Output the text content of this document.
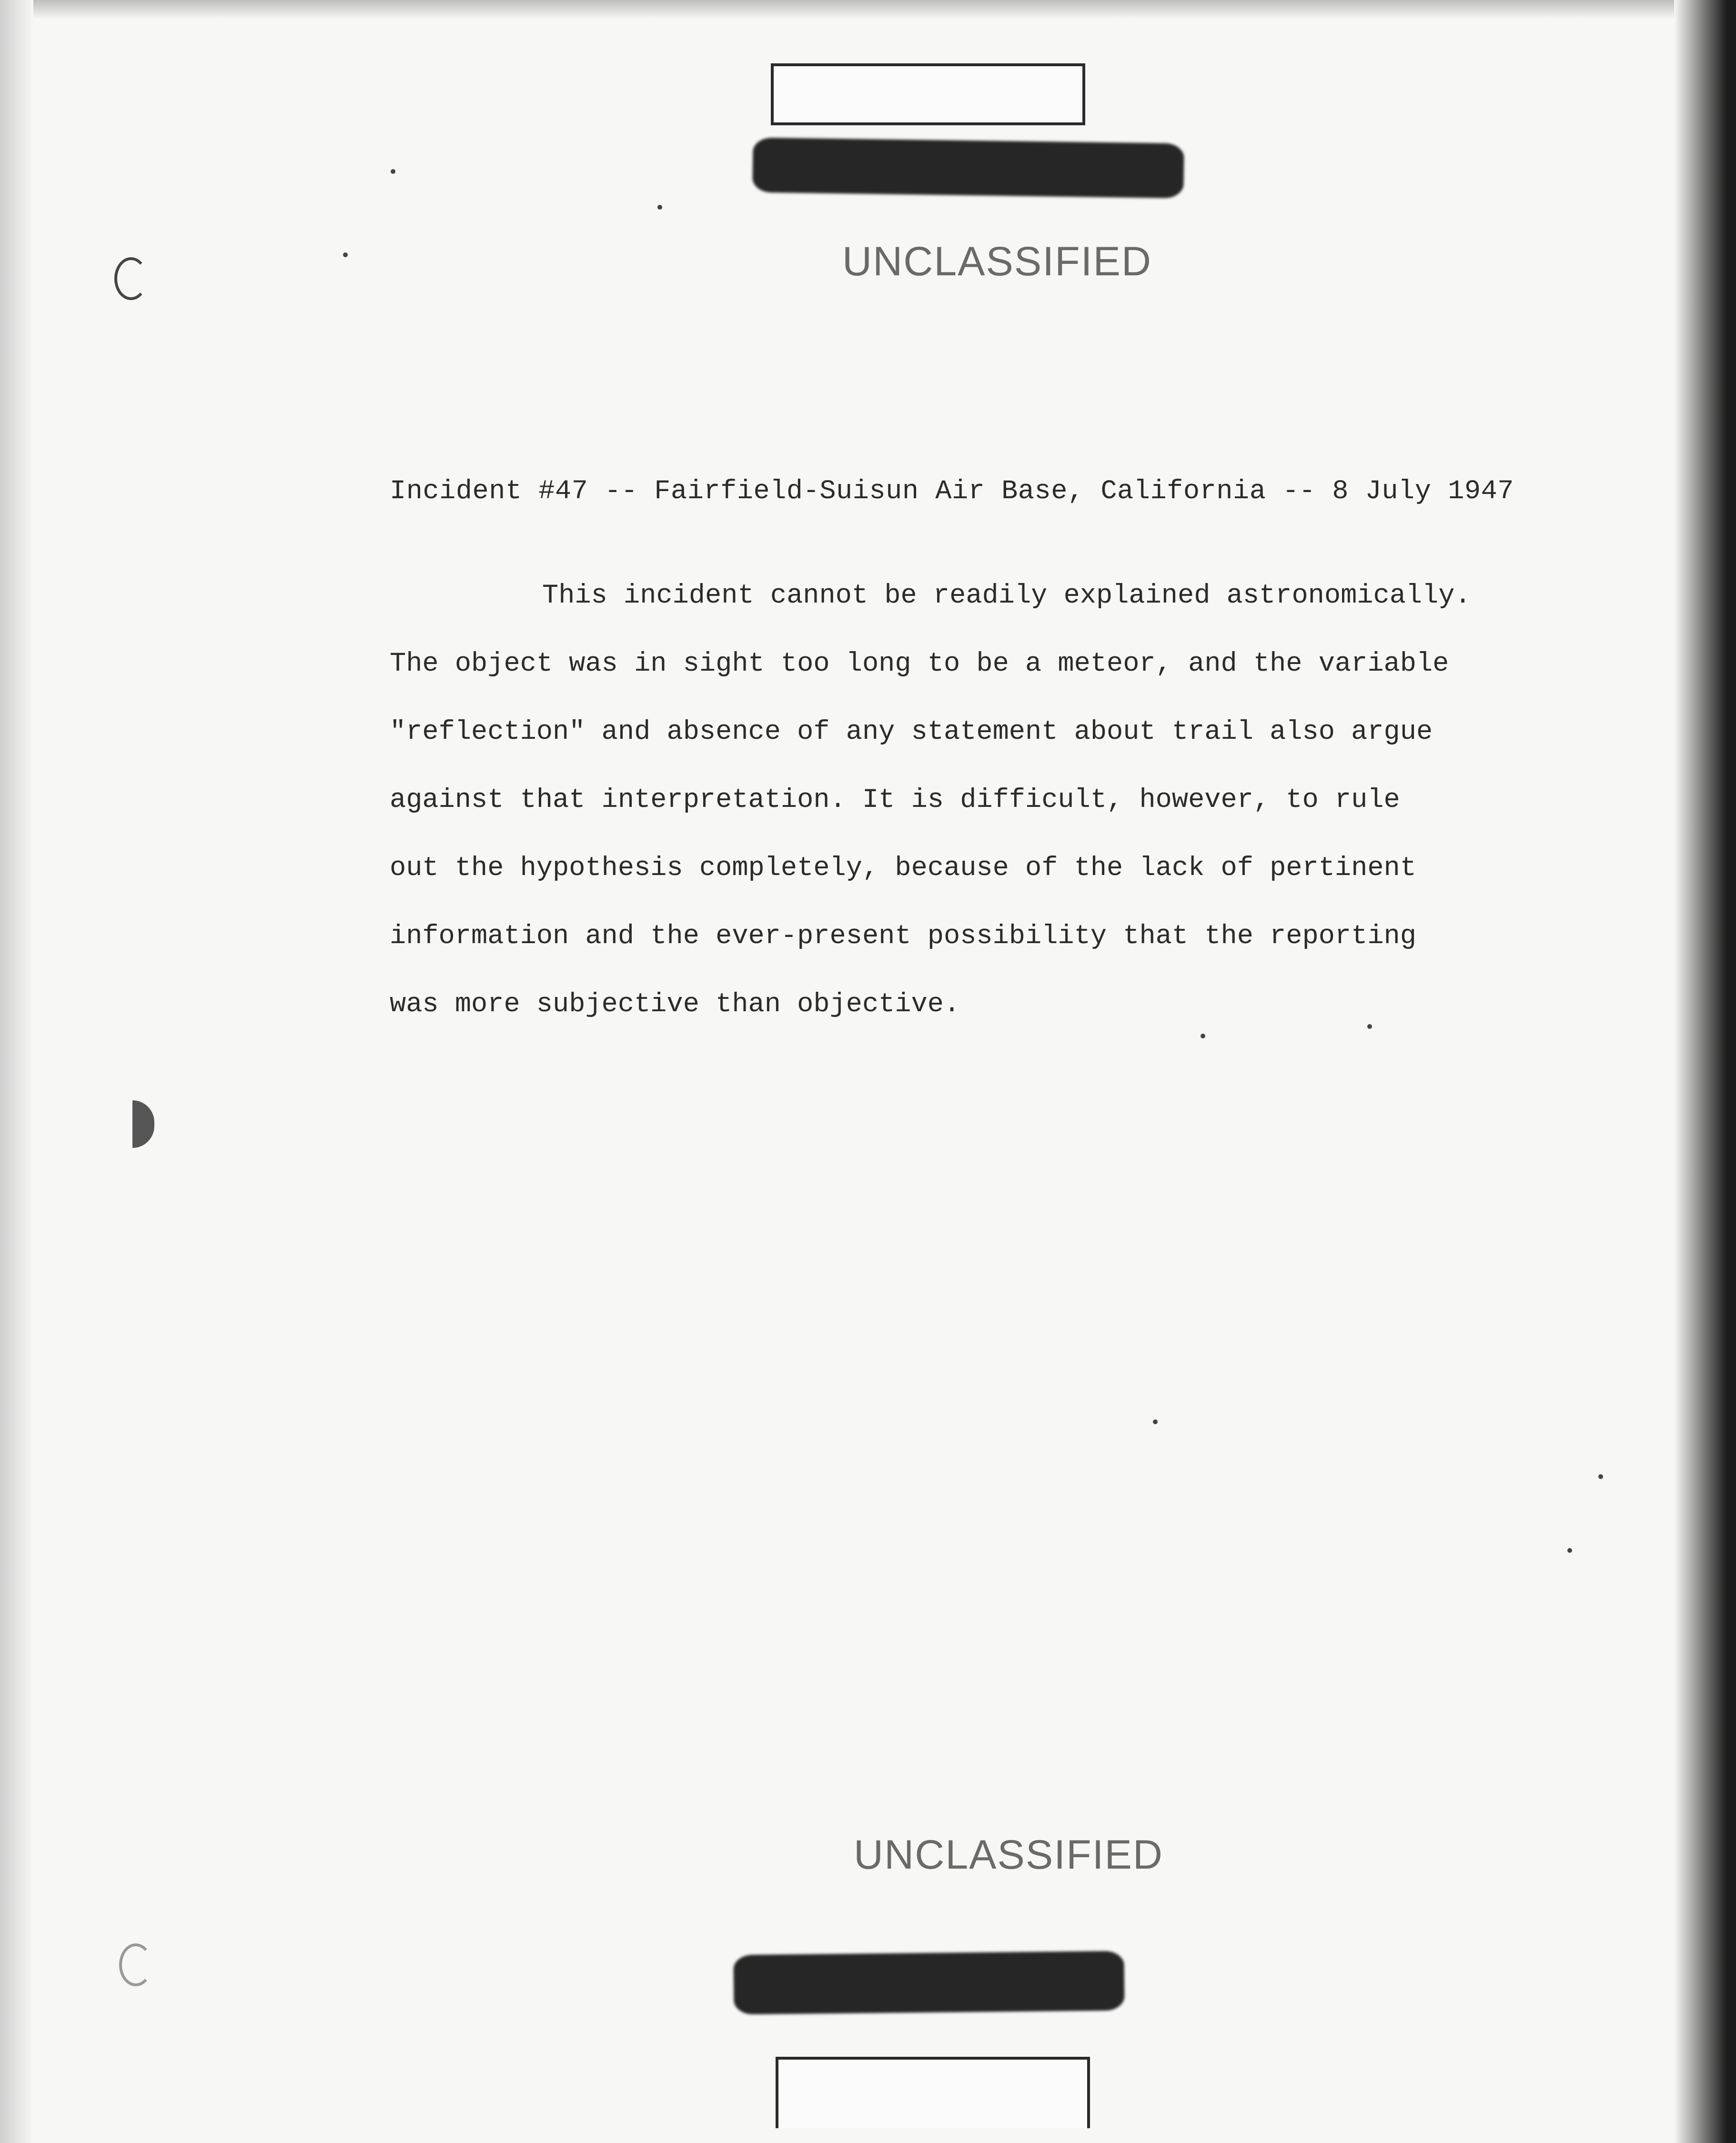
UNCLASSIFIED
Incident #47 -- Fairfield-Suisun Air Base, California -- 8 July 1947
This incident cannot be readily explained astronomically.
The object was in sight too long to be a meteor, and the variable
"reflection" and absence of any statement about trail also argue
against that interpretation. It is difficult, however, to rule
out the hypothesis completely, because of the lack of pertinent
information and the ever-present possibility that the reporting
was more subjective than objective.
UNCLASSIFIED
